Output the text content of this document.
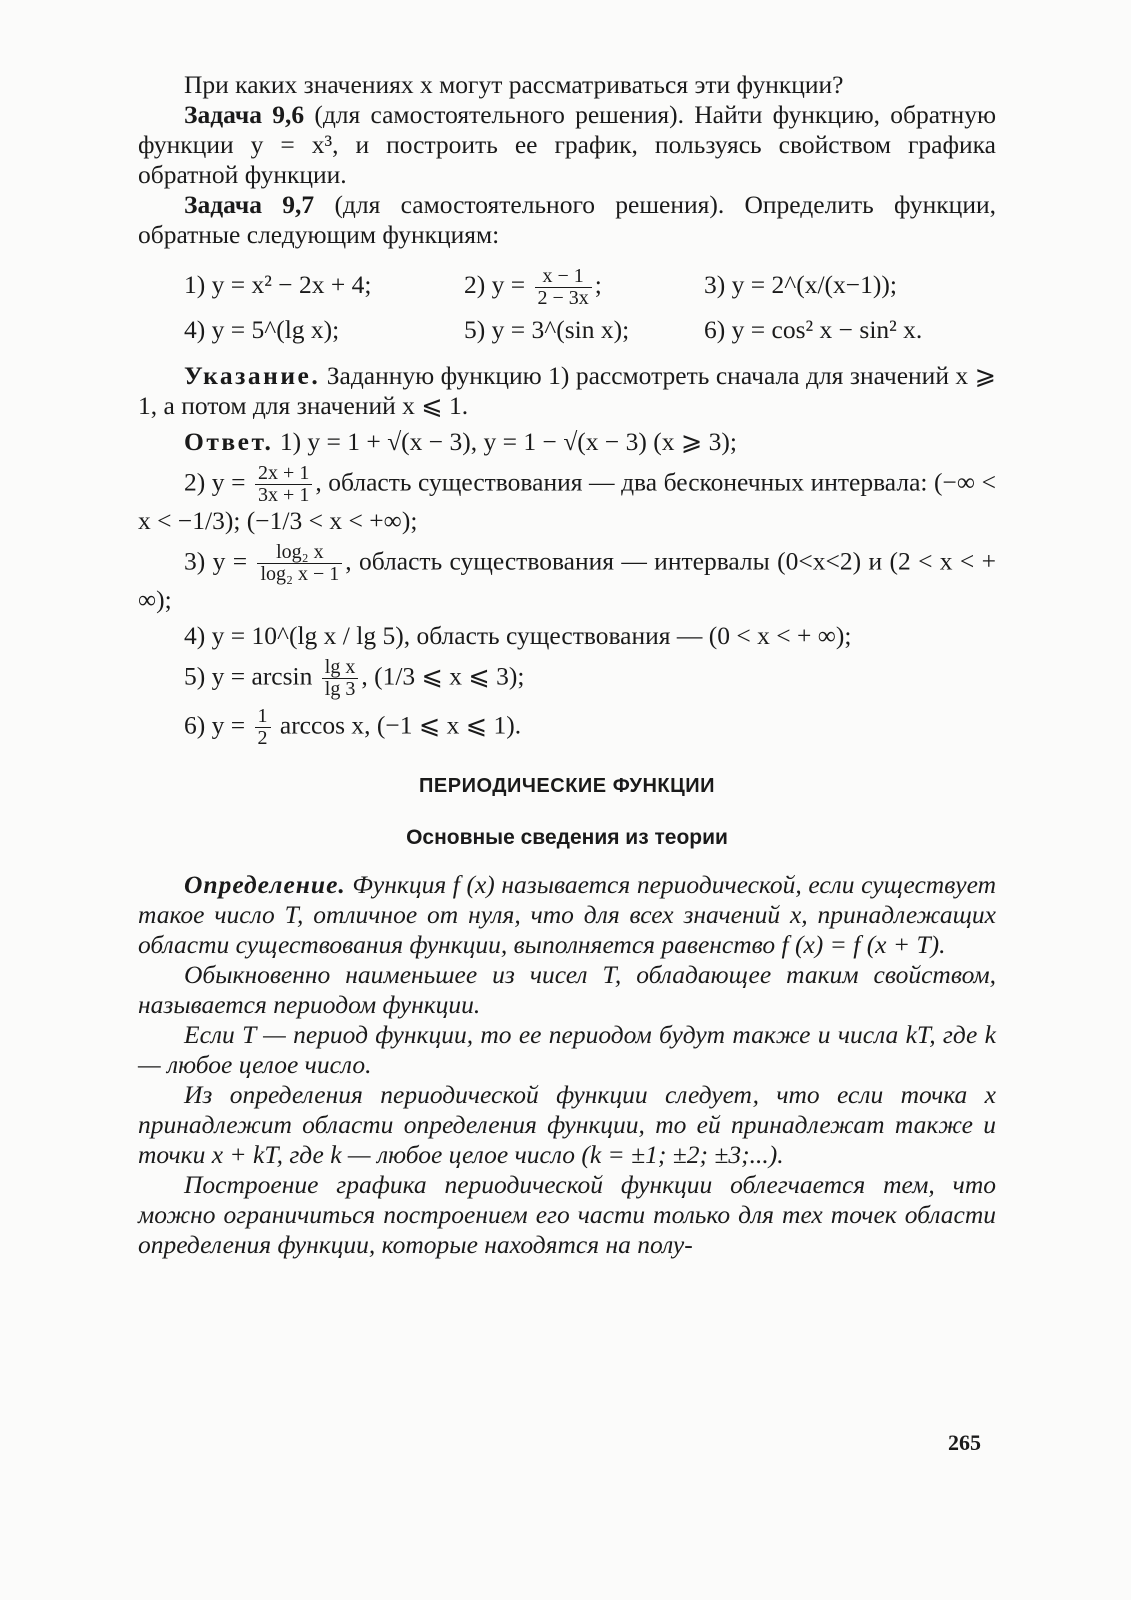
При каких значениях x могут рассматриваться эти функции?

Задача 9,6 (для самостоятельного решения). Найти функцию, обратную функции y = x³, и построить ее график, пользуясь свойством графика обратной функции.

Задача 9,7 (для самостоятельного решения). Определить функции, обратные следующим функциям:

1) y = x² − 2x + 4;	2) $y = \frac{x - 1}{2 - 3x}$ ;	3) y = 2^(x/(x−1));
4) y = 5^(lg x);	5) y = 3^(sin x);	6) y = cos² x − sin² x.

Указание. Заданную функцию 1) рассмотреть сначала для значений x ⩾ 1, а потом для значений x ⩽ 1.

Ответ. 1) y = 1 + √(x − 3), y = 1 − √(x − 3) (x ⩾ 3);
2) $y = \frac{2x + 1}{3x + 1}$ , область существования — два бесконечных интервала: (−∞ < x < −1/3); (−1/3 < x < +∞);
3) $y = \frac{\text{log₂ x}}{\text{log₂ x − 1}}$ , область существования — интервалы (0<x<2) и (2 < x < + ∞);
4) y = 10^(lg x / lg 5), область существования — (0 < x < + ∞);
5) $y = \arcsin \frac{\text{lg x}}{\lg 3}$ , (1/3 ⩽ x ⩽ 3);
6) $y = \frac{1}{2}$ arccos x, (−1 ⩽ x ⩽ 1).

ПЕРИОДИЧЕСКИЕ ФУНКЦИИ

Основные сведения из теории

Определение. Функция f (x) называется периодической, если существует такое число T, отличное от нуля, что для всех значений x, принадлежащих области существования функции, выполняется равенство f (x) = f (x + T).

Обыкновенно наименьшее из чисел T, обладающее таким свойством, называется периодом функции.

Если T — период функции, то ее периодом будут также и числа kT, где k — любое целое число.

Из определения периодической функции следует, что если точка x принадлежит области определения функции, то ей принадлежат также и точки x + kT, где k — любое целое число (k = ±1; ±2; ±3;...).

Построение графика периодической функции облегчается тем, что можно ограничиться построением его части только для тех точек области определения функции, которые находятся на полу-

265
